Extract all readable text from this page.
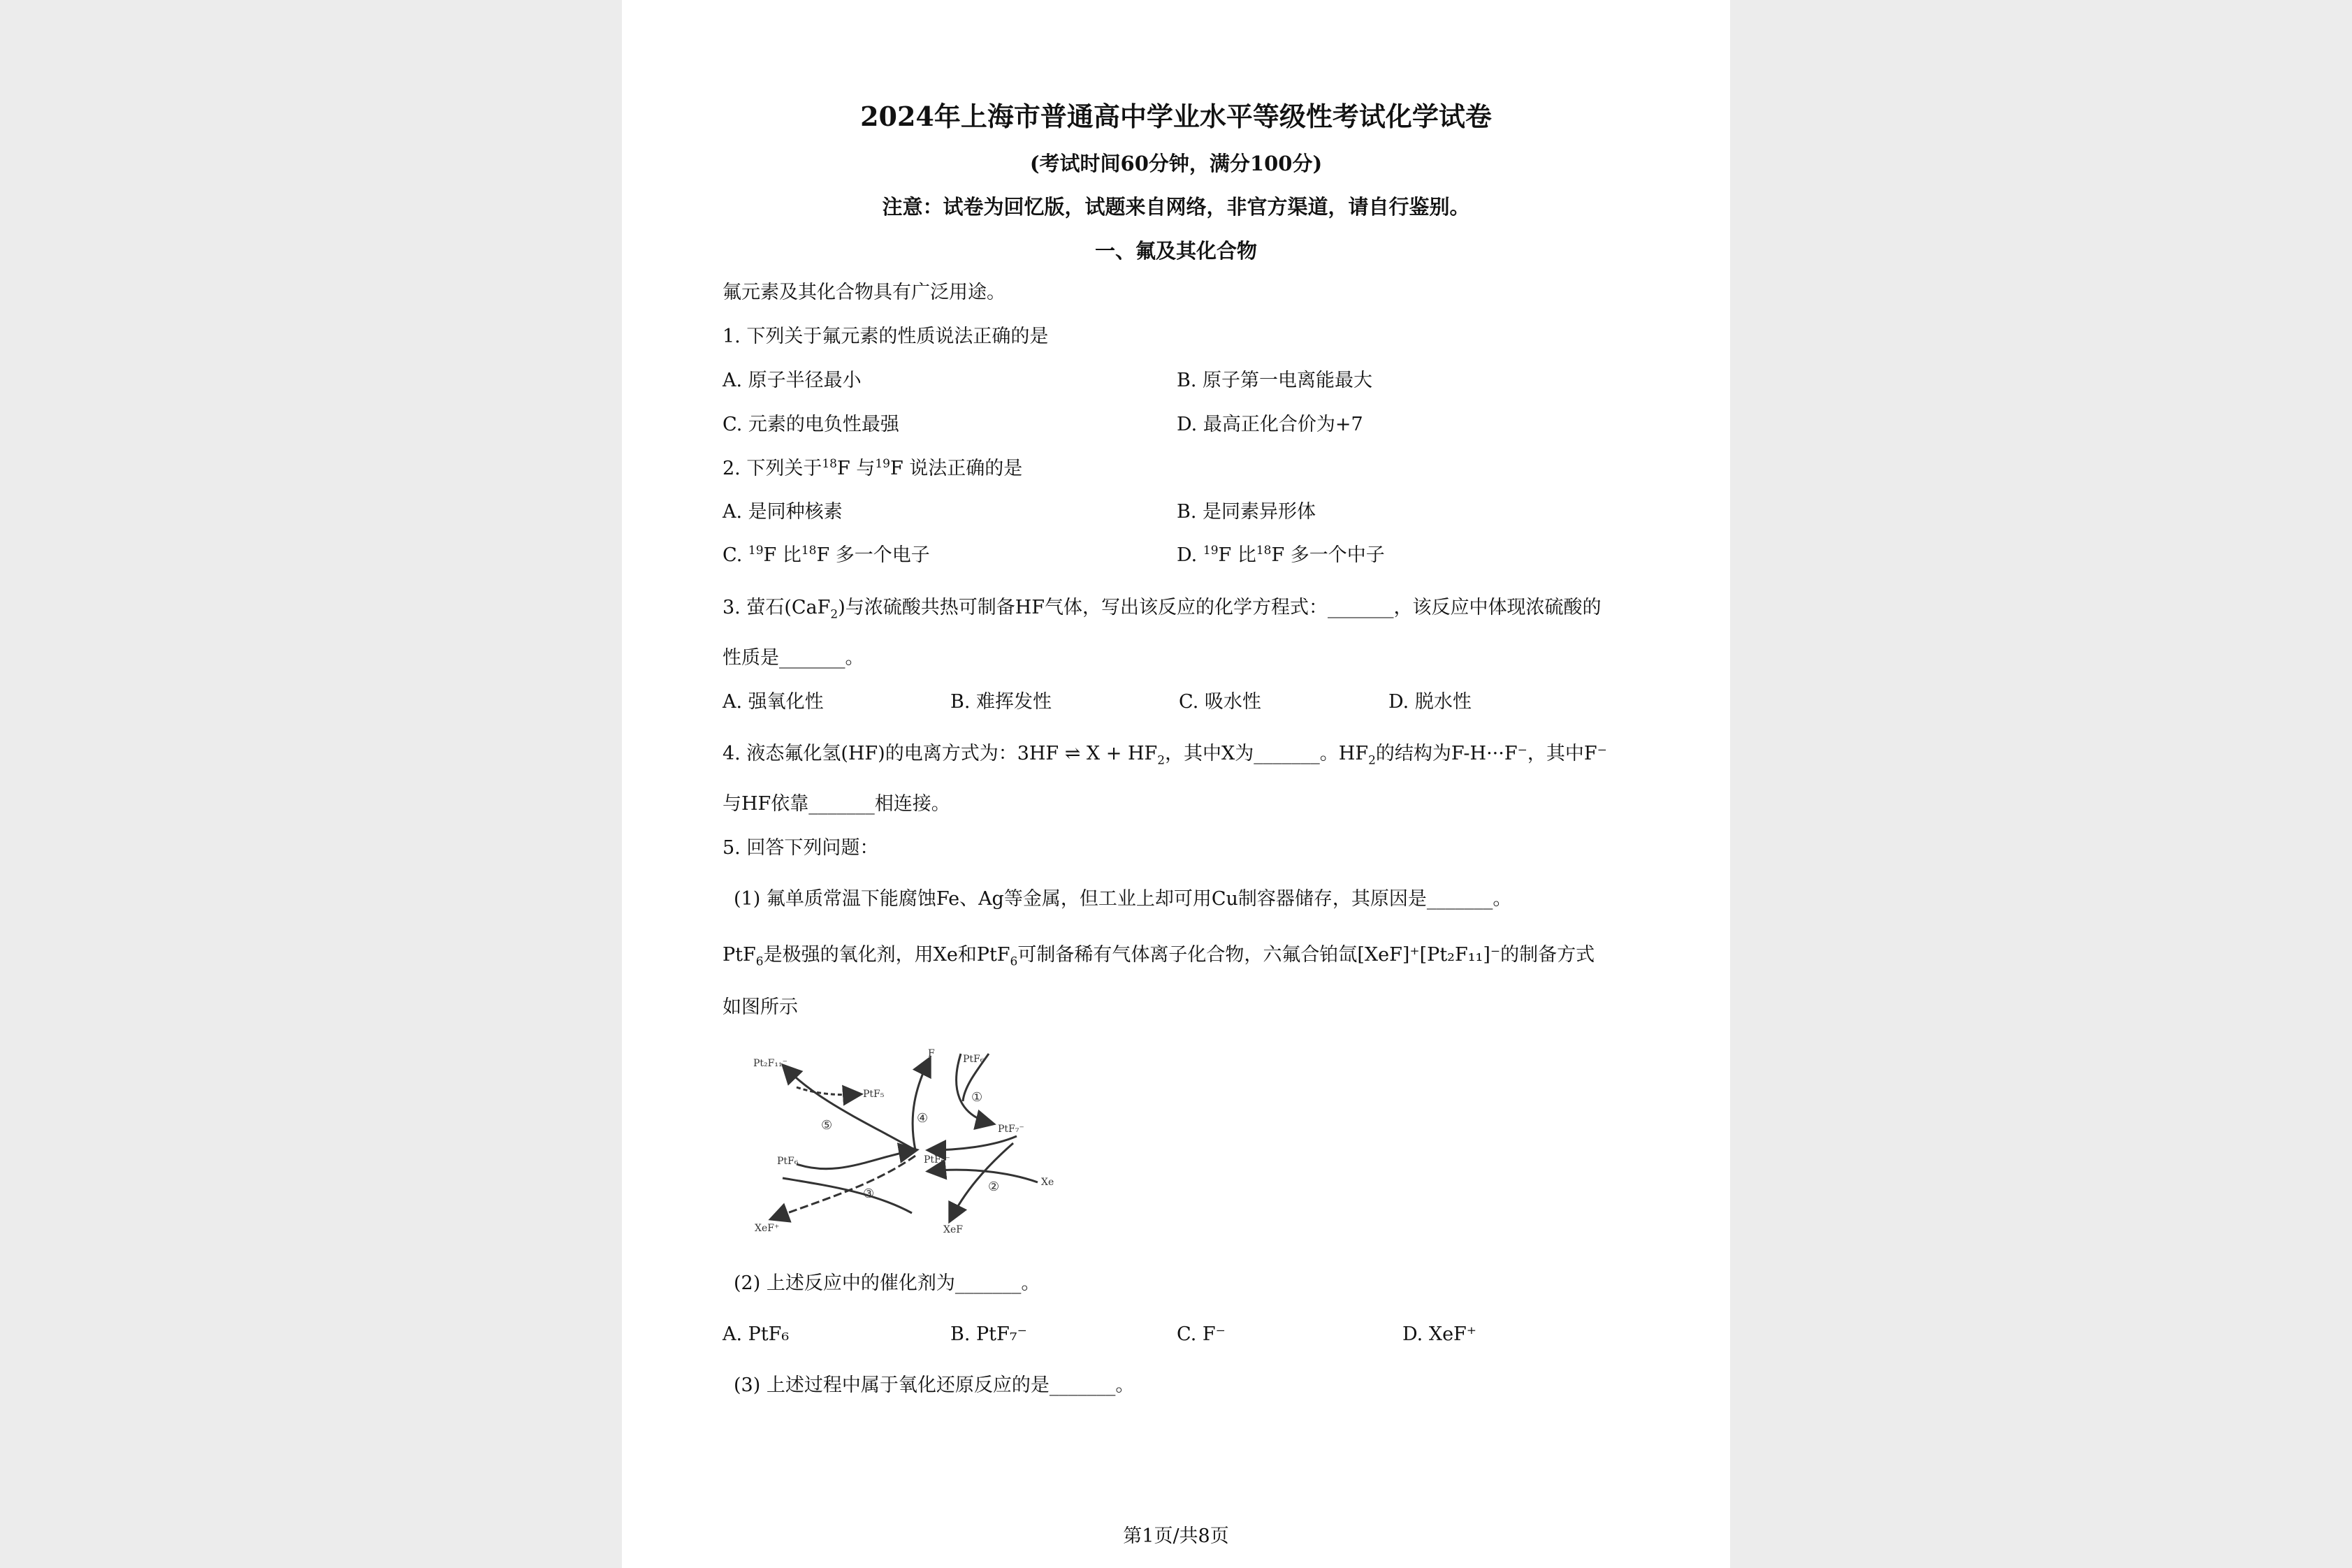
2024年上海市普通高中学业水平等级性考试化学试卷
(考试时间60分钟，满分100分)
注意：试卷为回忆版，试题来自网络，非官方渠道，请自行鉴别。
一、氟及其化合物
氟元素及其化合物具有广泛用途。
1. 下列关于氟元素的性质说法正确的是
A. 原子半径最小	B. 原子第一电离能最大
C. 元素的电负性最强	D. 最高正化合价为+7
2. 下列关于$^{18}$F 与$^{19}$F 说法正确的是
A. 是同种核素	B. 是同素异形体
C. $^{19}$F 比$^{18}$F 多一个电子	D. $^{19}$F 比$^{18}$F 多一个中子
3. 萤石(CaF$_2$)与浓硫酸共热可制备HF气体，写出该反应的化学方程式：_______，该反应中体现浓硫酸的
性质是_______。
A. 强氧化性	B. 难挥发性	C. 吸水性	D. 脱水性
4. 液态氟化氢(HF)的电离方式为：3HF ⇌ $X + HF_2$，其中X为_______。$HF_2$的结构为F-H···F⁻，其中F⁻
与HF依靠_______相连接。
5. 回答下列问题：
(1) 氟单质常温下能腐蚀Fe、Ag等金属，但工业上却可用Cu制容器储存，其原因是_______。
PtF$_6$是极强的氧化剂，用Xe和PtF$_6$可制备稀有气体离子化合物，六氟合铂氙[XeF]⁺[Pt₂F₁₁]⁻的制备方式
如图所示
Pt₂F₁₁⁻
PtF₅
F	PtF₆
PtF₇⁻
PtF₆	PtF₆⁻
Xe
XeF⁺	XeF
①
②
③
④
⑤
(2) 上述反应中的催化剂为_______。
A. PtF₆	B. PtF₇⁻	C. F⁻	D. XeF⁺
(3) 上述过程中属于氧化还原反应的是_______。
第1页/共8页
